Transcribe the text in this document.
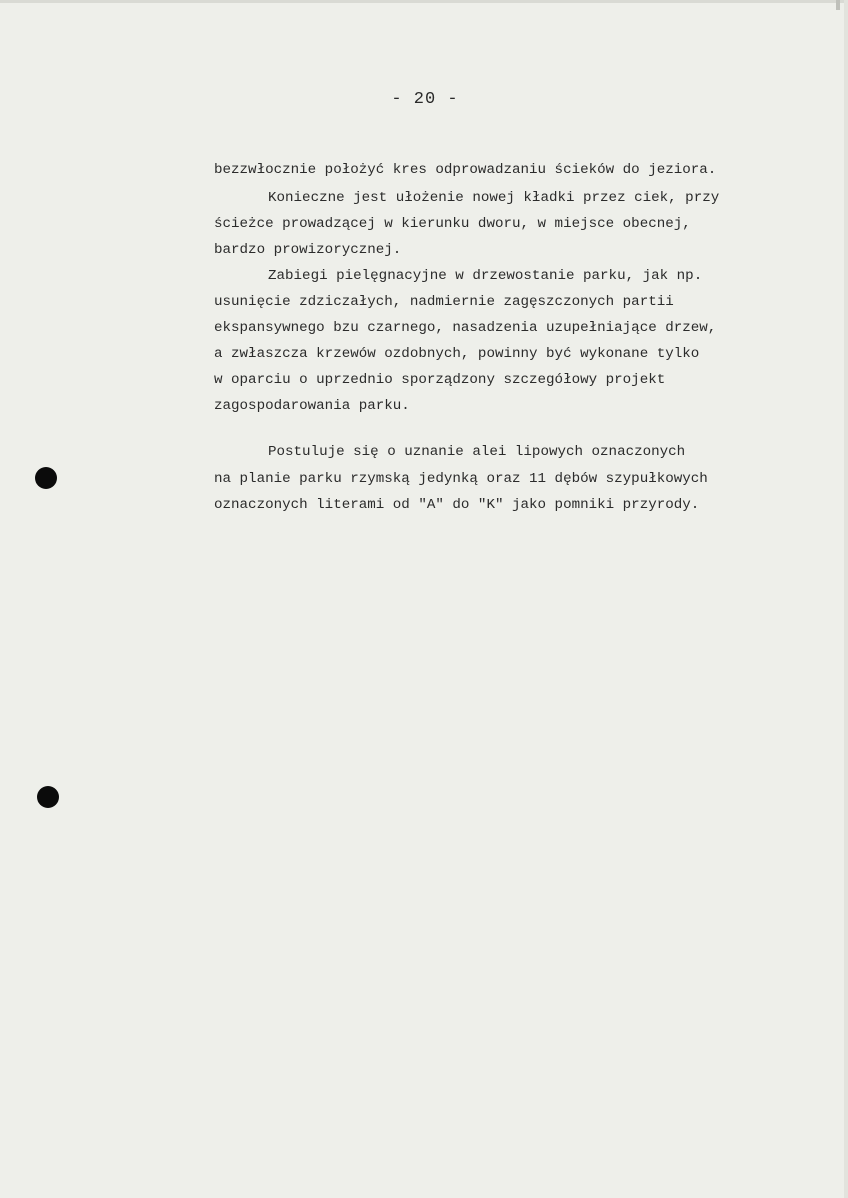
- 20 -
bezzwłocznie położyć kres odprowadzaniu ścieków do jeziora.
Konieczne jest ułożenie nowej kładki przez ciek, przy
ścieżce prowadzącej w kierunku dworu, w miejsce obecnej,
bardzo prowizorycznej.
Zabiegi pielęgnacyjne w drzewostanie parku, jak np.
usunięcie zdziczałych, nadmiernie zagęszczonych partii
ekspansywnego bzu czarnego, nasadzenia uzupełniające drzew,
a zwłaszcza krzewów ozdobnych, powinny być wykonane tylko
w oparciu o uprzednio sporządzony szczegółowy projekt
zagospodarowania parku.
Postuluje się o uznanie alei lipowych oznaczonych
na planie parku rzymską jedynką oraz 11 dębów szypułkowych
oznaczonych literami od "A" do "K" jako pomniki przyrody.
